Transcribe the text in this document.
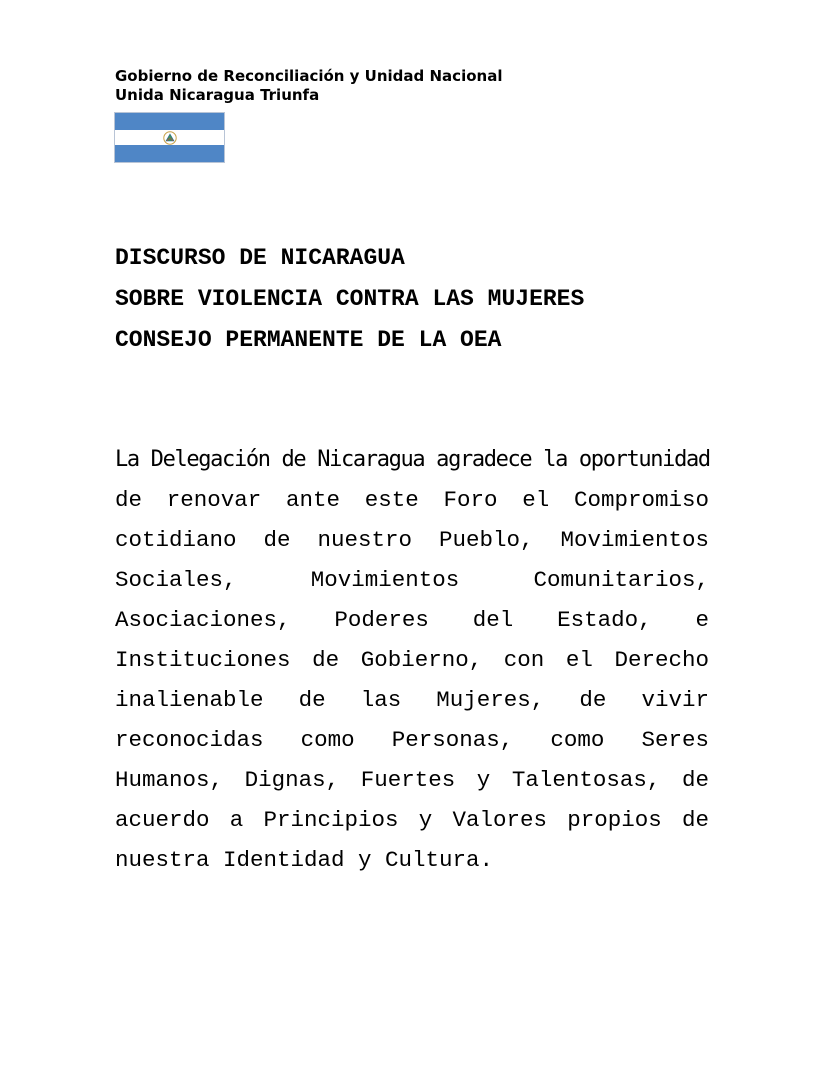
Gobierno de Reconciliación y Unidad Nacional
Unida Nicaragua Triunfa
DISCURSO DE NICARAGUA
SOBRE VIOLENCIA CONTRA LAS MUJERES
CONSEJO PERMANENTE DE LA OEA
La Delegación de Nicaragua agradece la oportunidad
de renovar ante este Foro el Compromiso
cotidiano de nuestro Pueblo, Movimientos
Sociales, Movimientos Comunitarios,
Asociaciones, Poderes del Estado, e
Instituciones de Gobierno, con el Derecho
inalienable de las Mujeres, de vivir
reconocidas como Personas, como Seres
Humanos, Dignas, Fuertes y Talentosas, de
acuerdo a Principios y Valores propios de
nuestra Identidad y Cultura.
